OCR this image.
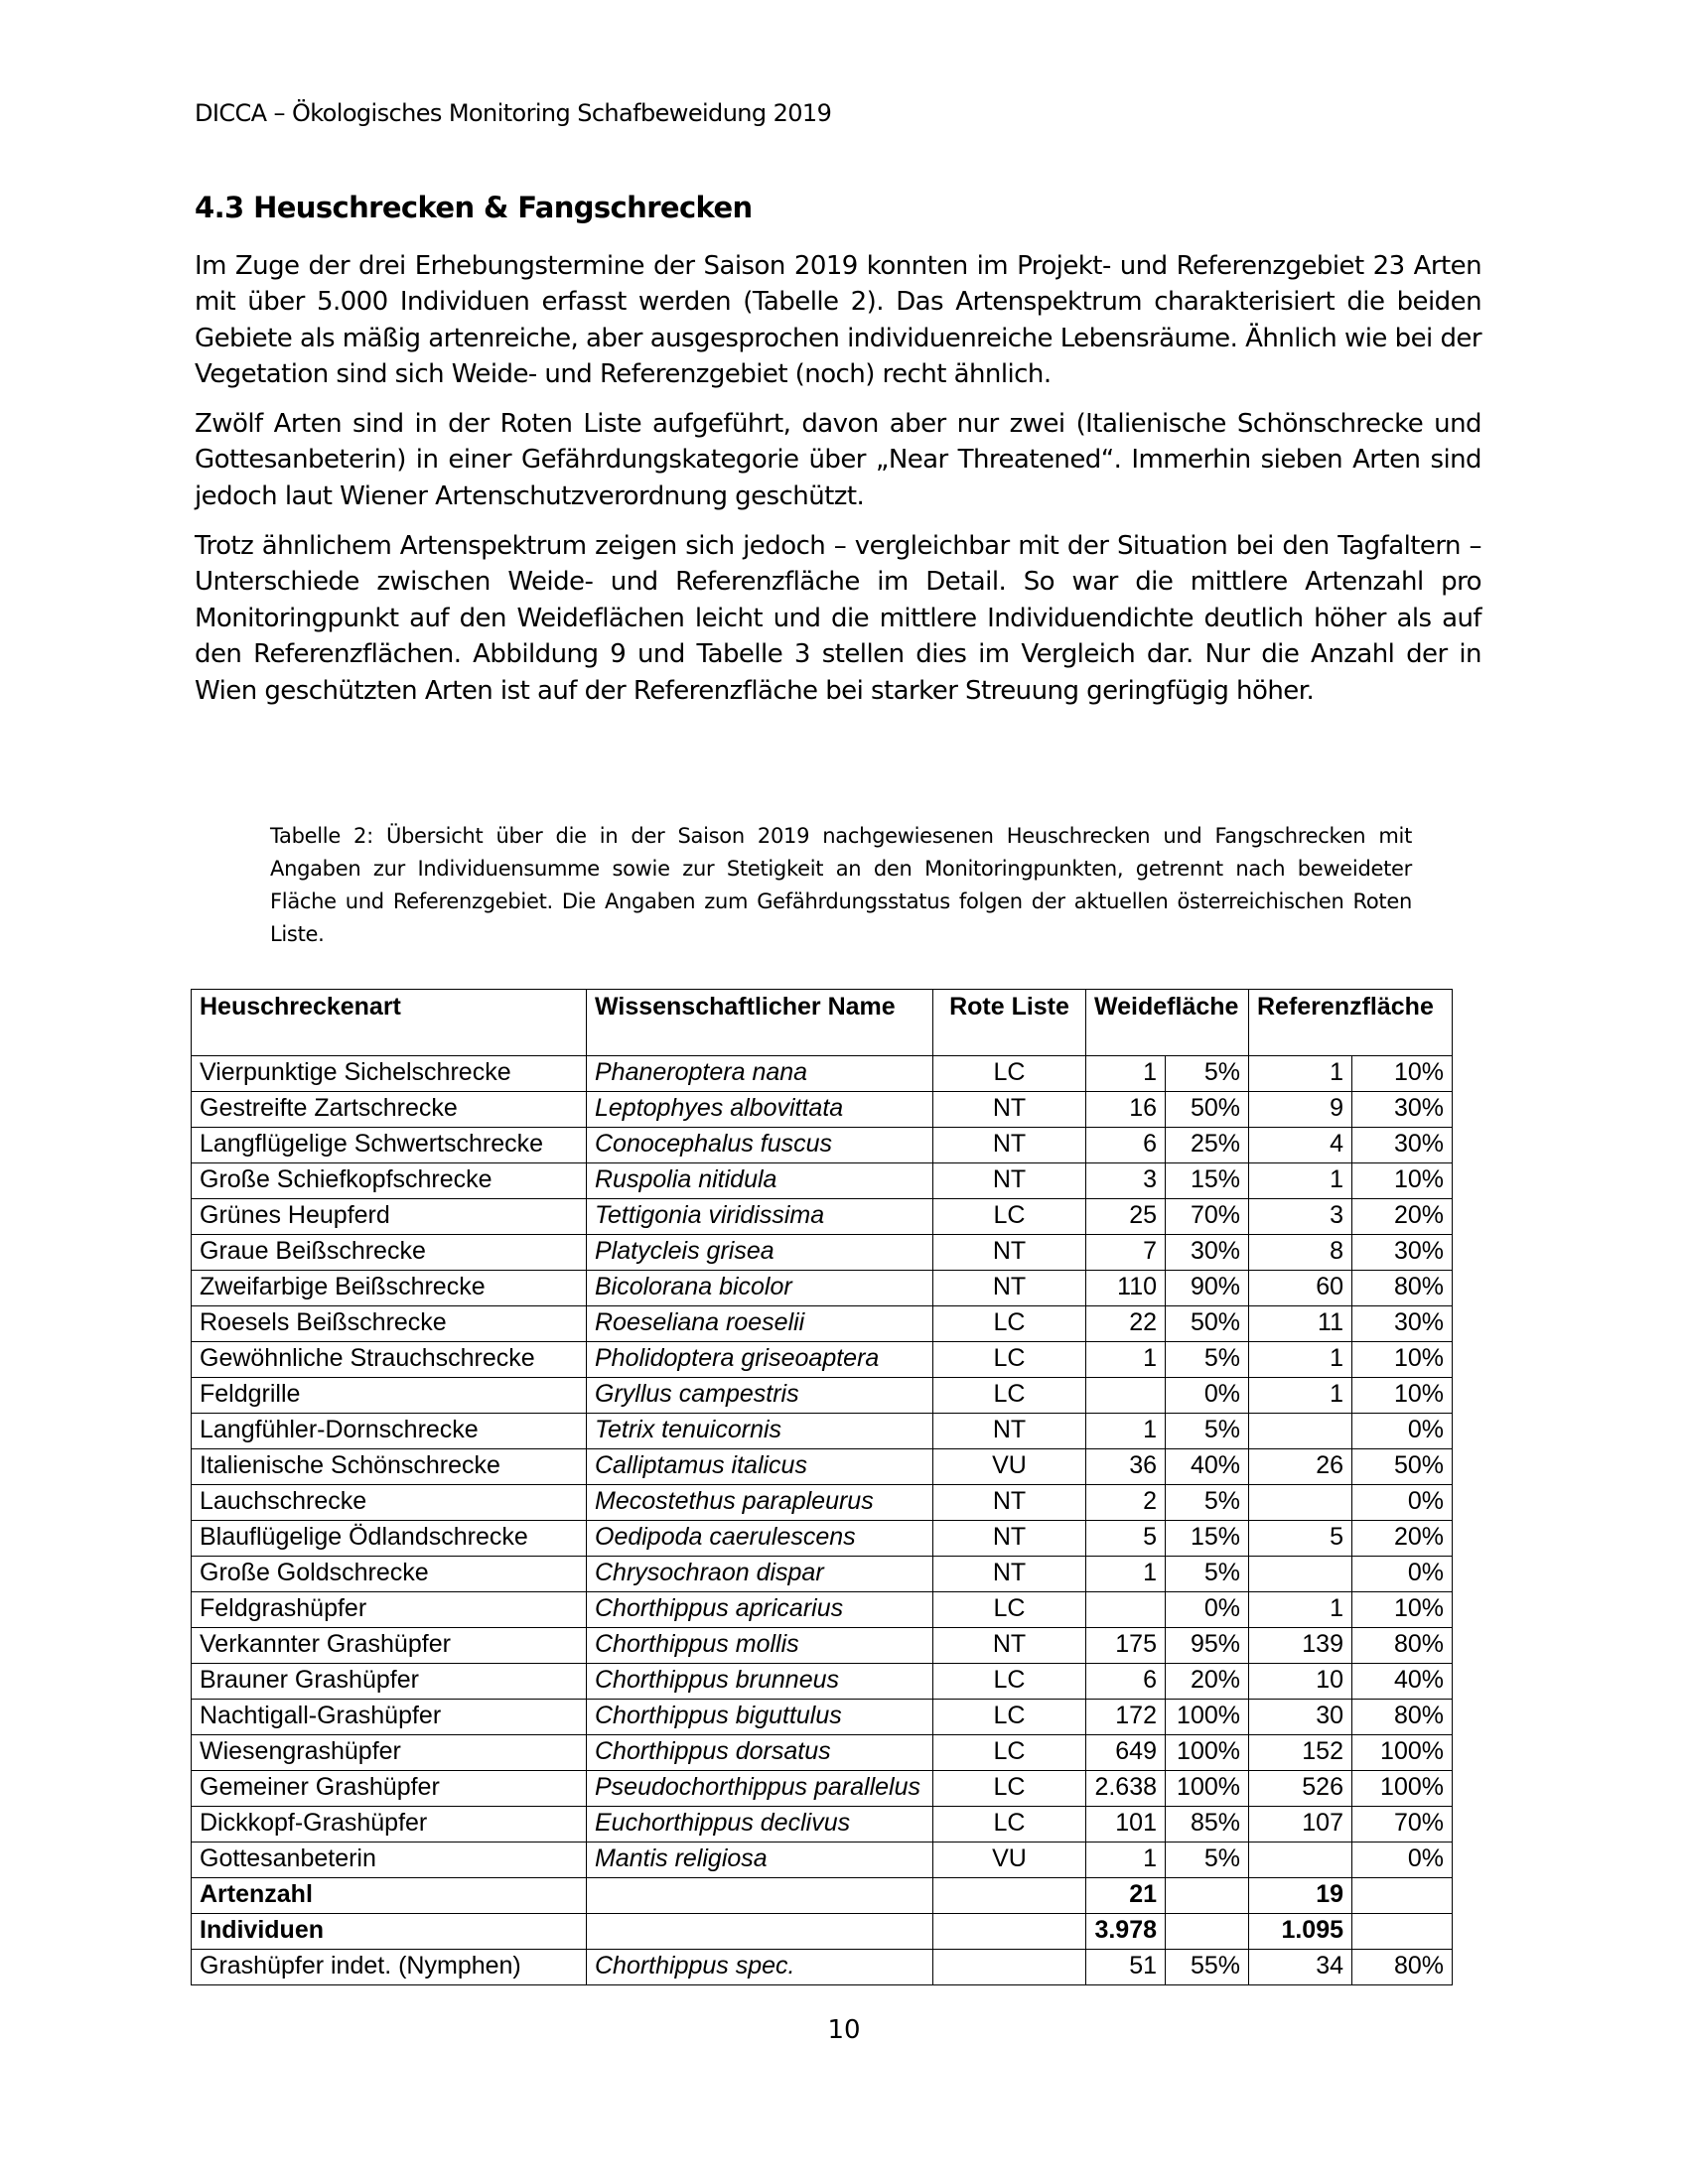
DICCA – Ökologisches Monitoring Schafbeweidung 2019
4.3 Heuschrecken & Fangschrecken

Im Zuge der drei Erhebungstermine der Saison 2019 konnten im Projekt- und Referenzgebiet 23 Arten mit über 5.000 Individuen erfasst werden (Tabelle 2). Das Artenspektrum charakterisiert die beiden Gebiete als mäßig artenreiche, aber ausgesprochen individuenreiche Lebensräume. Ähnlich wie bei der Vegetation sind sich Weide- und Referenzgebiet (noch) recht ähnlich.

Zwölf Arten sind in der Roten Liste aufgeführt, davon aber nur zwei (Italienische Schönschrecke und Gottesanbeterin) in einer Gefährdungskategorie über „Near Threatened“. Immerhin sieben Arten sind jedoch laut Wiener Artenschutzverordnung geschützt.

Trotz ähnlichem Artenspektrum zeigen sich jedoch – vergleichbar mit der Situation bei den Tagfaltern – Unterschiede zwischen Weide- und Referenzfläche im Detail. So war die mittlere Artenzahl pro Monitoringpunkt auf den Weideflächen leicht und die mittlere Individuendichte deutlich höher als auf den Referenzflächen. Abbildung 9 und Tabelle 3 stellen dies im Vergleich dar. Nur die Anzahl der in Wien geschützten Arten ist auf der Referenzfläche bei starker Streuung geringfügig höher.

Tabelle 2: Übersicht über die in der Saison 2019 nachgewiesenen Heuschrecken und Fangschrecken mit Angaben zur Individuensumme sowie zur Stetigkeit an den Monitoringpunkten, getrennt nach beweideter Fläche und Referenzgebiet. Die Angaben zum Gefährdungsstatus folgen der aktuellen österreichischen Roten Liste.

Heuschreckenart	Wissenschaftlicher Name	Rote Liste	Weidefläche		Referenzfläche	
Vierpunktige Sichelschrecke	Phaneroptera nana	LC	1	5%	1	10%
Gestreifte Zartschrecke	Leptophyes albovittata	NT	16	50%	9	30%
Langflügelige Schwertschrecke	Conocephalus fuscus	NT	6	25%	4	30%
Große Schiefkopfschrecke	Ruspolia nitidula	NT	3	15%	1	10%
Grünes Heupferd	Tettigonia viridissima	LC	25	70%	3	20%
Graue Beißschrecke	Platycleis grisea	NT	7	30%	8	30%
Zweifarbige Beißschrecke	Bicolorana bicolor	NT	110	90%	60	80%
Roesels Beißschrecke	Roeseliana roeselii	LC	22	50%	11	30%
Gewöhnliche Strauchschrecke	Pholidoptera griseoaptera	LC	1	5%	1	10%
Feldgrille	Gryllus campestris	LC		0%	1	10%
Langfühler-Dornschrecke	Tetrix tenuicornis	NT	1	5%		0%
Italienische Schönschrecke	Calliptamus italicus	VU	36	40%	26	50%
Lauchschrecke	Mecostethus parapleurus	NT	2	5%		0%
Blauflügelige Ödlandschrecke	Oedipoda caerulescens	NT	5	15%	5	20%
Große Goldschrecke	Chrysochraon dispar	NT	1	5%		0%
Feldgrashüpfer	Chorthippus apricarius	LC		0%	1	10%
Verkannter Grashüpfer	Chorthippus mollis	NT	175	95%	139	80%
Brauner Grashüpfer	Chorthippus brunneus	LC	6	20%	10	40%
Nachtigall-Grashüpfer	Chorthippus biguttulus	LC	172	100%	30	80%
Wiesengrashüpfer	Chorthippus dorsatus	LC	649	100%	152	100%
Gemeiner Grashüpfer	Pseudochorthippus parallelus	LC	2.638	100%	526	100%
Dickkopf-Grashüpfer	Euchorthippus declivus	LC	101	85%	107	70%
Gottesanbeterin	Mantis religiosa	VU	1	5%		0%
Artenzahl			21		19	
Individuen			3.978		1.095	
Grashüpfer indet. (Nymphen)	Chorthippus spec.		51	55%	34	80%
10
